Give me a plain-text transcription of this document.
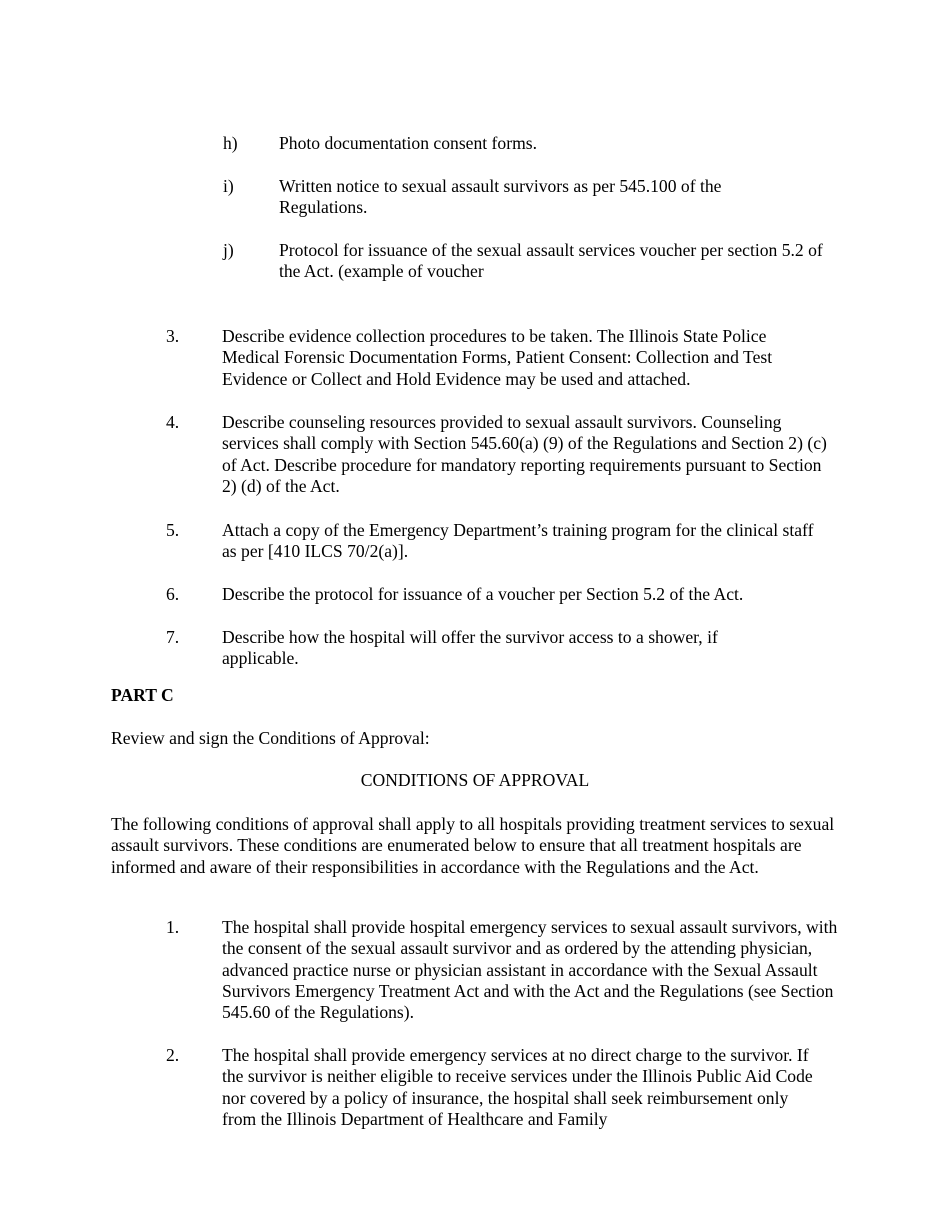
h) Photo documentation consent forms.
i)	Written notice to sexual assault survivors as per 545.100 of the Regulations.
j)	Protocol for issuance of the sexual assault services voucher per section 5.2 of the Act. (example of voucher
3. Describe evidence collection procedures to be taken. The Illinois State Police Medical Forensic Documentation Forms, Patient Consent: Collection and Test Evidence or Collect and Hold Evidence may be used and attached.
4. Describe counseling resources provided to sexual assault survivors. Counseling services shall comply with Section 545.60(a) (9) of the Regulations and Section 2) (c) of Act. Describe procedure for mandatory reporting requirements pursuant to Section 2) (d) of the Act.
5. Attach a copy of the Emergency Department’s training program for the clinical staff as per [410 ILCS 70/2(a)].
6. Describe the protocol for issuance of a voucher per Section 5.2 of the Act.
7. Describe how the hospital will offer the survivor access to a shower, if applicable.
PART C
Review and sign the Conditions of Approval:
CONDITIONS OF APPROVAL
The following conditions of approval shall apply to all hospitals providing treatment services to sexual assault survivors. These conditions are enumerated below to ensure that all treatment hospitals are informed and aware of their responsibilities in accordance with the Regulations and the Act.
1. The hospital shall provide hospital emergency services to sexual assault survivors, with the consent of the sexual assault survivor and as ordered by the attending physician, advanced practice nurse or physician assistant in accordance with the Sexual Assault Survivors Emergency Treatment Act and with the Act and the Regulations (see Section 545.60 of the Regulations).
2. The hospital shall provide emergency services at no direct charge to the survivor. If the survivor is neither eligible to receive services under the Illinois Public Aid Code nor covered by a policy of insurance, the hospital shall seek reimbursement only from the Illinois Department of Healthcare and Family
